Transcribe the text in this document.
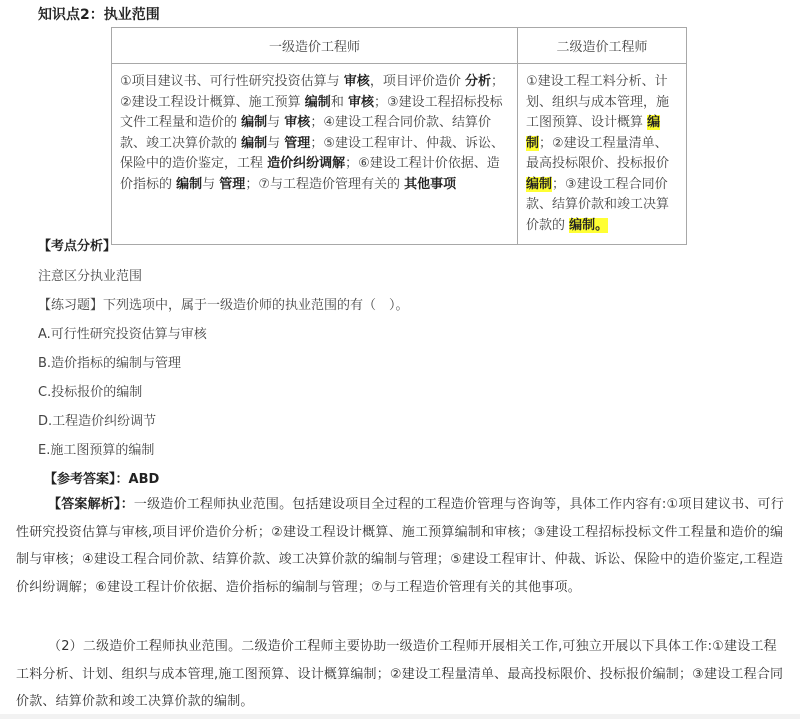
知识点2：执业范围
一级造价工程师	二级造价工程师
①项目建议书、可行性研究投资估算与 审核，项目评价造价 分析；②建设工程设计概算、施工预算 编制和 审核；③建设工程招标投标文件工程量和造价的 编制与 审核；④建设工程合同价款、结算价款、竣工决算价款的 编制与 管理；⑤建设工程审计、仲裁、诉讼、保险中的造价鉴定，工程 造价纠纷调解；⑥建设工程计价依据、造价指标的 编制与 管理；⑦与工程造价管理有关的 其他事项	①建设工程工料分析、计划、组织与成本管理，施工图预算、设计概算 编制；②建设工程量清单、最高投标限价、投标报价 编制；③建设工程合同价款、结算价款和竣工决算价款的 编制。
【考点分析】
注意区分执业范围
【练习题】下列选项中，属于一级造价师的执业范围的有（　）。
A.可行性研究投资估算与审核
B.造价指标的编制与管理
C.投标报价的编制
D.工程造价纠纷调节
E.施工图预算的编制
【参考答案】：ABD
【答案解析】：一级造价工程师执业范围。包括建设项目全过程的工程造价管理与咨询等，具体工作内容有:①项目建议书、可行性研究投资估算与审核,项目评价造价分析；②建设工程设计概算、施工预算编制和审核；③建设工程招标投标文件工程量和造价的编制与审核；④建设工程合同价款、结算价款、竣工决算价款的编制与管理；⑤建设工程审计、仲裁、诉讼、保险中的造价鉴定,工程造价纠纷调解；⑥建设工程计价依据、造价指标的编制与管理；⑦与工程造价管理有关的其他事项。
（2）二级造价工程师执业范围。二级造价工程师主要协助一级造价工程师开展相关工作,可独立开展以下具体工作:①建设工程工料分析、计划、组织与成本管理,施工图预算、设计概算编制；②建设工程量清单、最高投标限价、投标报价编制；③建设工程合同价款、结算价款和竣工决算价款的编制。
